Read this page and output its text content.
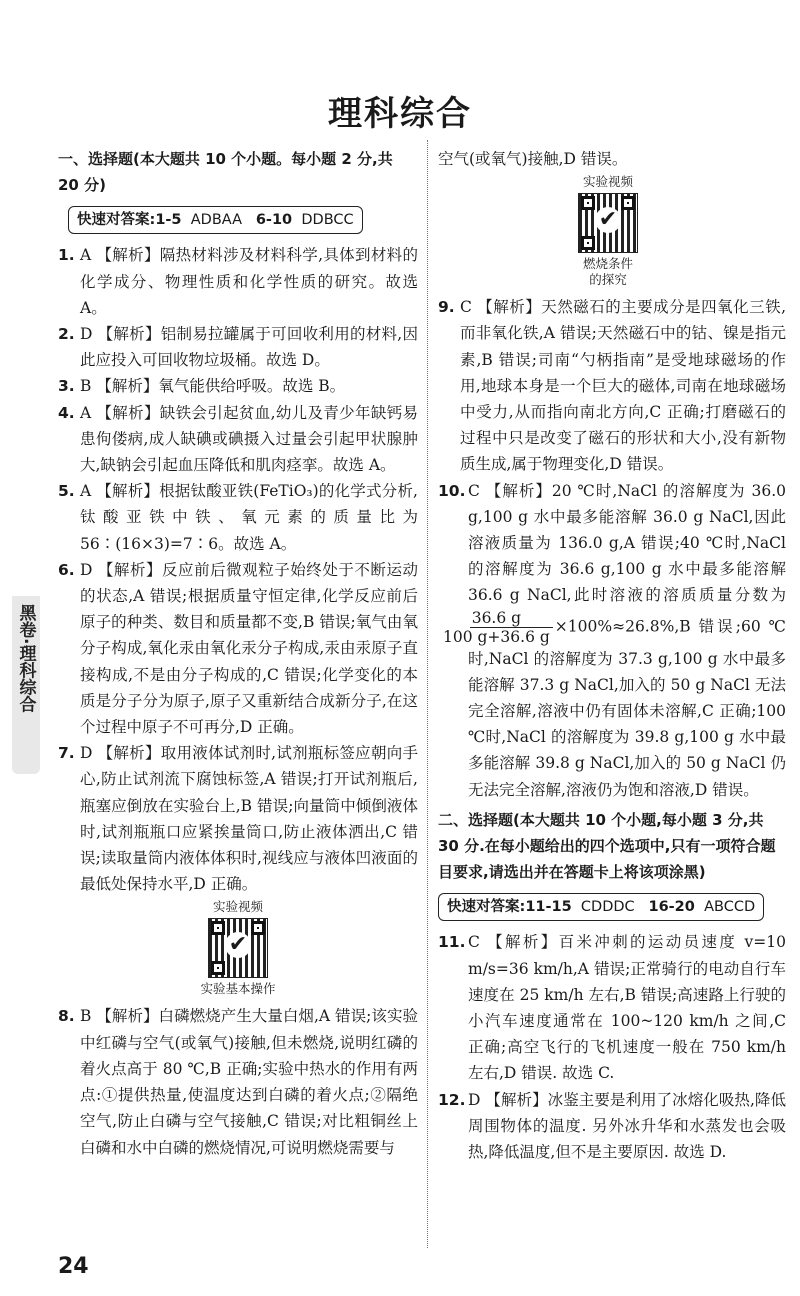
理科综合
一、选择题(本大题共 10 个小题。每小题 2 分,共 20 分)
快速对答案:1-5 ADBAA 6-10 DDBCC
1. A 【解析】隔热材料涉及材料科学,具体到材料的化学成分、物理性质和化学性质的研究。故选 A。
2. D 【解析】铝制易拉罐属于可回收利用的材料,因此应投入可回收物垃圾桶。故选 D。
3. B 【解析】氧气能供给呼吸。故选 B。
4. A 【解析】缺铁会引起贫血,幼儿及青少年缺钙易患佝偻病,成人缺碘或碘摄入过量会引起甲状腺肿大,缺钠会引起血压降低和肌肉痉挛。故选 A。
5. A 【解析】根据钛酸亚铁(FeTiO₃)的化学式分析,钛酸亚铁中铁、氧元素的质量比为 56∶(16×3)=7∶6。故选 A。
6. D 【解析】反应前后微观粒子始终处于不断运动的状态,A 错误;根据质量守恒定律,化学反应前后原子的种类、数目和质量都不变,B 错误;氧气由氧分子构成,氧化汞由氧化汞分子构成,汞由汞原子直接构成,不是由分子构成的,C 错误;化学变化的本质是分子分为原子,原子又重新结合成新分子,在这个过程中原子不可再分,D 正确。
7. D 【解析】取用液体试剂时,试剂瓶标签应朝向手心,防止试剂流下腐蚀标签,A 错误;打开试剂瓶后,瓶塞应倒放在实验台上,B 错误;向量筒中倾倒液体时,试剂瓶瓶口应紧挨量筒口,防止液体洒出,C 错误;读取量筒内液体体积时,视线应与液体凹液面的最低处保持水平,D 正确。
实验视频
✔
实验基本操作
8. B 【解析】白磷燃烧产生大量白烟,A 错误;该实验中红磷与空气(或氧气)接触,但未燃烧,说明红磷的着火点高于 80 ℃,B 正确;实验中热水的作用有两点:①提供热量,使温度达到白磷的着火点;②隔绝空气,防止白磷与空气接触,C 错误;对比粗铜丝上白磷和水中白磷的燃烧情况,可说明燃烧需要与
空气(或氧气)接触,D 错误。
实验视频
✔
燃烧条件
的探究
9. C 【解析】天然磁石的主要成分是四氧化三铁,而非氧化铁,A 错误;天然磁石中的钴、镍是指元素,B 错误;司南“勺柄指南”是受地球磁场的作用,地球本身是一个巨大的磁体,司南在地球磁场中受力,从而指向南北方向,C 正确;打磨磁石的过程中只是改变了磁石的形状和大小,没有新物质生成,属于物理变化,D 错误。
10. C 【解析】20 ℃时,NaCl 的溶解度为 36.0 g,100 g 水中最多能溶解 36.0 g NaCl,因此溶液质量为 136.0 g,A 错误;40 ℃时,NaCl 的溶解度为 36.6 g,100 g 水中最多能溶解 36.6 g NaCl,此时溶液的溶质质量分数为
$\frac{36.6 g}{100 g+36.6 g} \times 100\%\approx 26.8\%,B$ 错误;60 ℃时,NaCl 的溶解度为 37.3 g,100 g 水中最多能溶解 37.3 g NaCl,加入的 50 g NaCl 无法完全溶解,溶液中仍有固体未溶解,C 正确;100 ℃时,NaCl 的溶解度为 39.8 g,100 g 水中最多能溶解 39.8 g NaCl,加入的 50 g NaCl 仍无法完全溶解,溶液仍为饱和溶液,D 错误。
二、选择题(本大题共 10 个小题,每小题 3 分,共 30 分.在每小题给出的四个选项中,只有一项符合题目要求,请选出并在答题卡上将该项涂黑)
快速对答案:11-15 CDDDC 16-20 ABCCD
11. C 【解析】百米冲刺的运动员速度 v=10 m/s=36 km/h,A 错误;正常骑行的电动自行车速度在 25 km/h 左右,B 错误;高速路上行驶的小汽车速度通常在 100~120 km/h 之间,C 正确;高空飞行的飞机速度一般在 750 km/h 左右,D 错误. 故选 C.
12. D 【解析】冰鉴主要是利用了冰熔化吸热,降低周围物体的温度. 另外冰升华和水蒸发也会吸热,降低温度,但不是主要原因. 故选 D.
黑卷·理科综合
24
